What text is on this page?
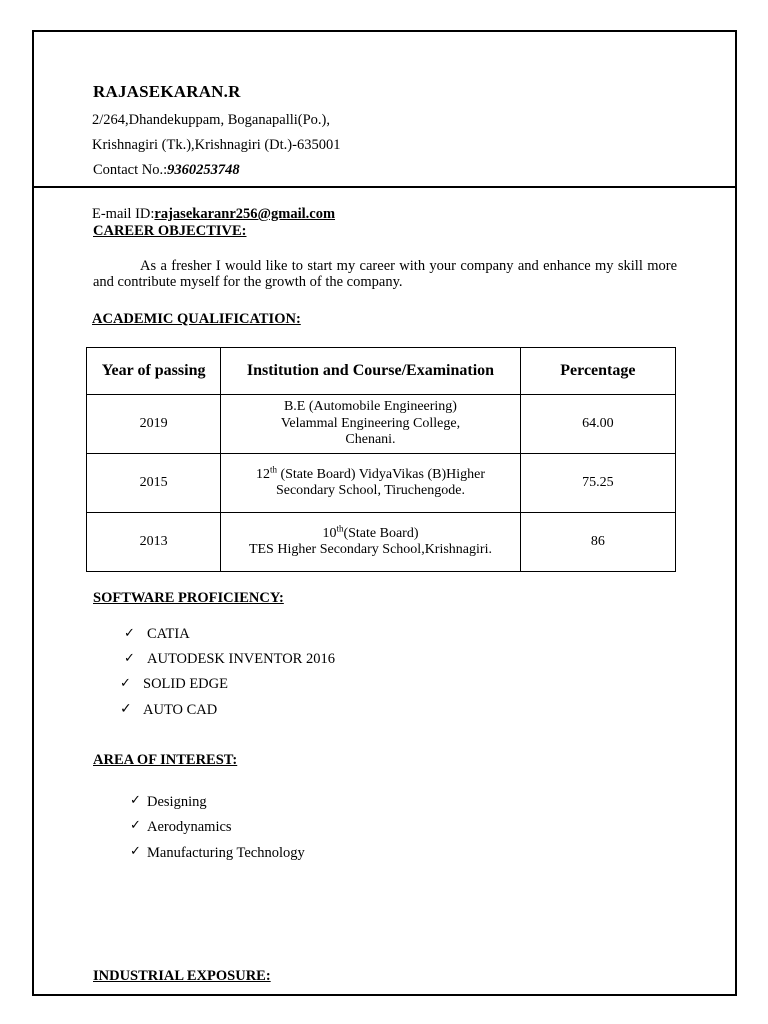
RAJASEKARAN.R
2/264,Dhandekuppam, Boganapalli(Po.),
Krishnagiri (Tk.),Krishnagiri (Dt.)-635001
Contact No.:9360253748
E-mail ID:rajasekaranr256@gmail.com
CAREER OBJECTIVE:
As a fresher I would like to start my career with your company and enhance my skill more and contribute myself for the growth of the company.
ACADEMIC QUALIFICATION:
Year of passing	Institution and Course/Examination	Percentage
2019	B.E (Automobile Engineering)
Velammal Engineering College,
Chenani.	64.00
2015	12th (State Board) VidyaVikas (B)Higher
Secondary School, Tiruchengode.	75.25
2013	10th(State Board)
TES Higher Secondary School,Krishnagiri.	86
SOFTWARE PROFICIENCY:
✓ CATIA
✓ AUTODESK INVENTOR 2016
✓ SOLID EDGE
✓ AUTO CAD
AREA OF INTEREST:
✓ Designing
✓ Aerodynamics
✓ Manufacturing Technology
INDUSTRIAL EXPOSURE:
